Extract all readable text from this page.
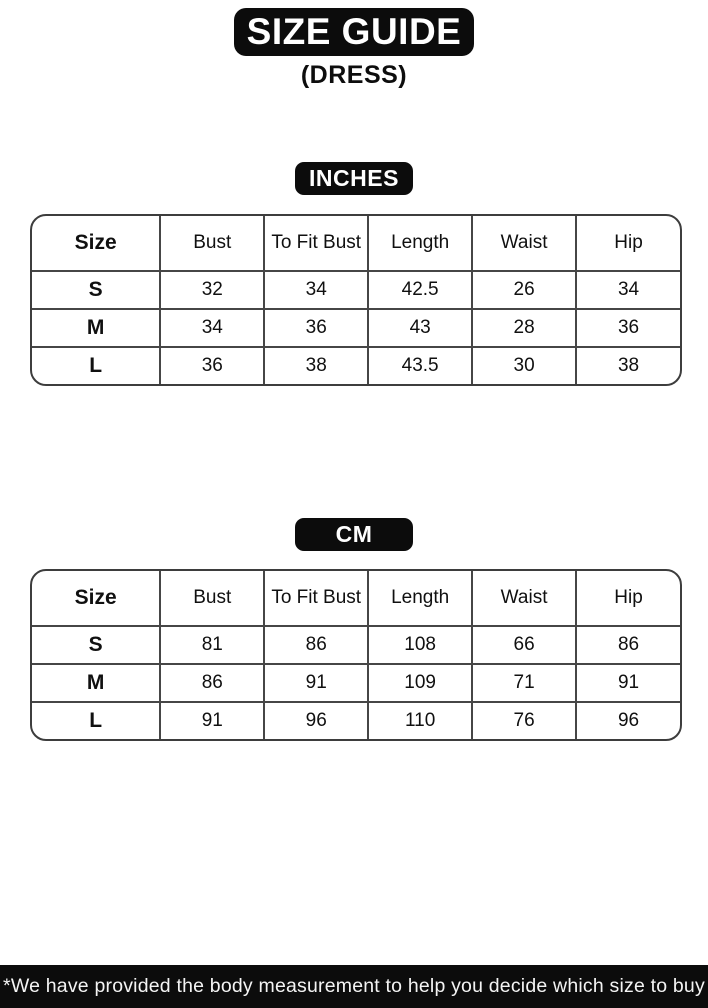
SIZE GUIDE
(DRESS)
INCHES
Size	Bust	To Fit Bust	Length	Waist	Hip
S	32	34	42.5	26	34
M	34	36	43	28	36
L	36	38	43.5	30	38
CM
Size	Bust	To Fit Bust	Length	Waist	Hip
S	81	86	108	66	86
M	86	91	109	71	91
L	91	96	110	76	96
*We have provided the body measurement to help you decide which size to buy
